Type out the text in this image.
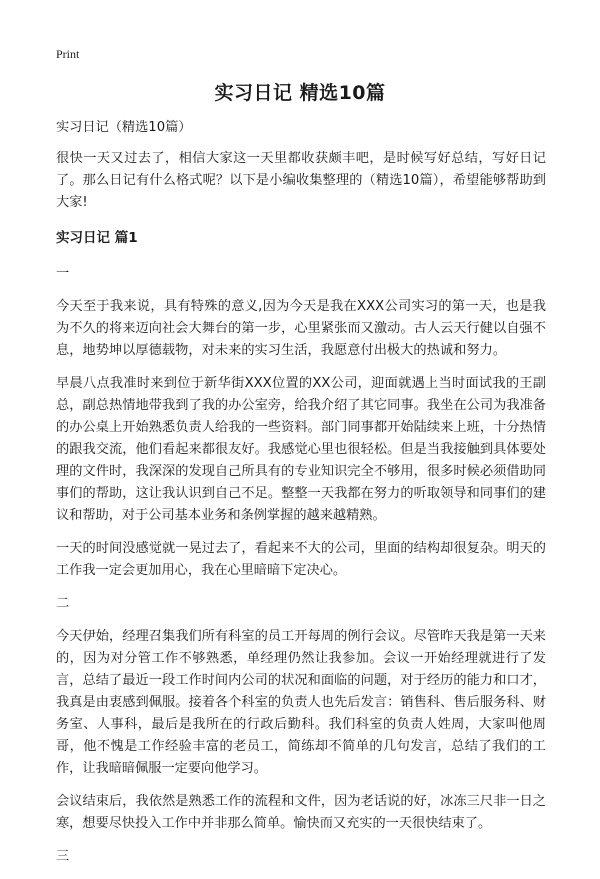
Print
实习日记 精选10篇

实习日记（精选10篇）

很快一天又过去了，相信大家这一天里都收获颇丰吧，是时候写好总结，写好日记了。那么日记有什么格式呢？以下是小编收集整理的（精选10篇），希望能够帮助到大家!

实习日记 篇1

一

今天至于我来说，具有特殊的意义,因为今天是我在XXX公司实习的第一天，也是我为不久的将来迈向社会大舞台的第一步，心里紧张而又激动。古人云天行健以自强不息，地势坤以厚德载物，对未来的实习生活，我愿意付出极大的热诚和努力。

早晨八点我准时来到位于新华街XXX位置的XX公司，迎面就遇上当时面试我的王副总，副总热情地带我到了我的办公室旁，给我介绍了其它同事。我坐在公司为我准备的办公桌上开始熟悉负责人给我的一些资料。部门同事都开始陆续来上班，十分热情的跟我交流，他们看起来都很友好。我感觉心里也很轻松。但是当我接触到具体要处理的文件时，我深深的发现自己所具有的专业知识完全不够用，很多时候必须借助同事们的帮助，这让我认识到自己不足。整整一天我都在努力的听取领导和同事们的建议和帮助，对于公司基本业务和条例掌握的越来越精熟。

一天的时间没感觉就一晃过去了，看起来不大的公司，里面的结构却很复杂。明天的工作我一定会更加用心，我在心里暗暗下定决心。

二

今天伊始，经理召集我们所有科室的员工开每周的例行会议。尽管昨天我是第一天来的，因为对分管工作不够熟悉，单经理仍然让我参加。会议一开始经理就进行了发言，总结了最近一段工作时间内公司的状况和面临的问题，对于经历的能力和口才，我真是由衷感到佩服。接着各个科室的负责人也先后发言：销售科、售后服务科、财务室、人事科，最后是我所在的行政后勤科。我们科室的负责人姓周，大家叫他周哥，他不愧是工作经验丰富的老员工，简练却不简单的几句发言，总结了我们的工作，让我暗暗佩服一定要向他学习。

会议结束后，我依然是熟悉工作的流程和文件，因为老话说的好，冰冻三尺非一日之寒，想要尽快投入工作中并非那么简单。愉快而又充实的一天很快结束了。

三
